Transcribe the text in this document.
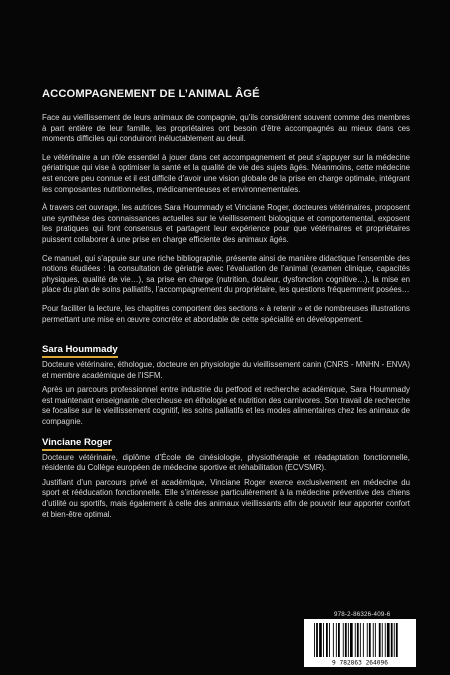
ACCOMPAGNEMENT DE L’ANIMAL ÂGÉ

Face au vieillissement de leurs animaux de compagnie, qu’ils considèrent souvent comme des membres à part entière de leur famille, les propriétaires ont besoin d’être accompagnés au mieux dans ces moments difficiles qui conduiront inéluctablement au deuil.

Le vétérinaire a un rôle essentiel à jouer dans cet accompagnement et peut s’appuyer sur la médecine gériatrique qui vise à optimiser la santé et la qualité de vie des sujets âgés. Néanmoins, cette médecine est encore peu connue et il est difficile d’avoir une vision globale de la prise en charge optimale, intégrant les composantes nutritionnelles, médicamenteuses et environnementales.

À travers cet ouvrage, les autrices Sara Hoummady et Vinciane Roger, docteures vétérinaires, proposent une synthèse des connaissances actuelles sur le vieillissement biologique et comportemental, exposent les pratiques qui font consensus et partagent leur expérience pour que vétérinaires et propriétaires puissent collaborer à une prise en charge efficiente des animaux âgés.

Ce manuel, qui s’appuie sur une riche bibliographie, présente ainsi de manière didactique l’ensemble des notions étudiées : la consultation de gériatrie avec l’évaluation de l’animal (examen clinique, capacités physiques, qualité de vie…), sa prise en charge (nutrition, douleur, dysfonction cognitive…), la mise en place du plan de soins palliatifs, l’accompagnement du propriétaire, les questions fréquemment posées…

Pour faciliter la lecture, les chapitres comportent des sections « à retenir » et de nombreuses illustrations permettant une mise en œuvre concrète et abordable de cette spécialité en développement.

Sara Hoummady

Docteure vétérinaire, éthologue, docteure en physiologie du vieillissement canin (CNRS - MNHN - ENVA) et membre académique de l’ISFM.

Après un parcours professionnel entre industrie du petfood et recherche académique, Sara Hoummady est maintenant enseignante chercheuse en éthologie et nutrition des carnivores. Son travail de recherche se focalise sur le vieillissement cognitif, les soins palliatifs et les modes alimentaires chez les animaux de compagnie.

Vinciane Roger

Docteure vétérinaire, diplôme d’École de cinésiologie, physiothérapie et réadaptation fonctionnelle, résidente du Collège européen de médecine sportive et réhabilitation (ECVSMR).

Justifiant d’un parcours privé et académique, Vinciane Roger exerce exclusivement en médecine du sport et rééducation fonctionnelle. Elle s’intéresse particulièrement à la médecine préventive des chiens d’utilité ou sportifs, mais également à celle des animaux vieillissants afin de pouvoir leur apporter confort et bien-être optimal.

978-2-86326-409-6
9 782863 264096
